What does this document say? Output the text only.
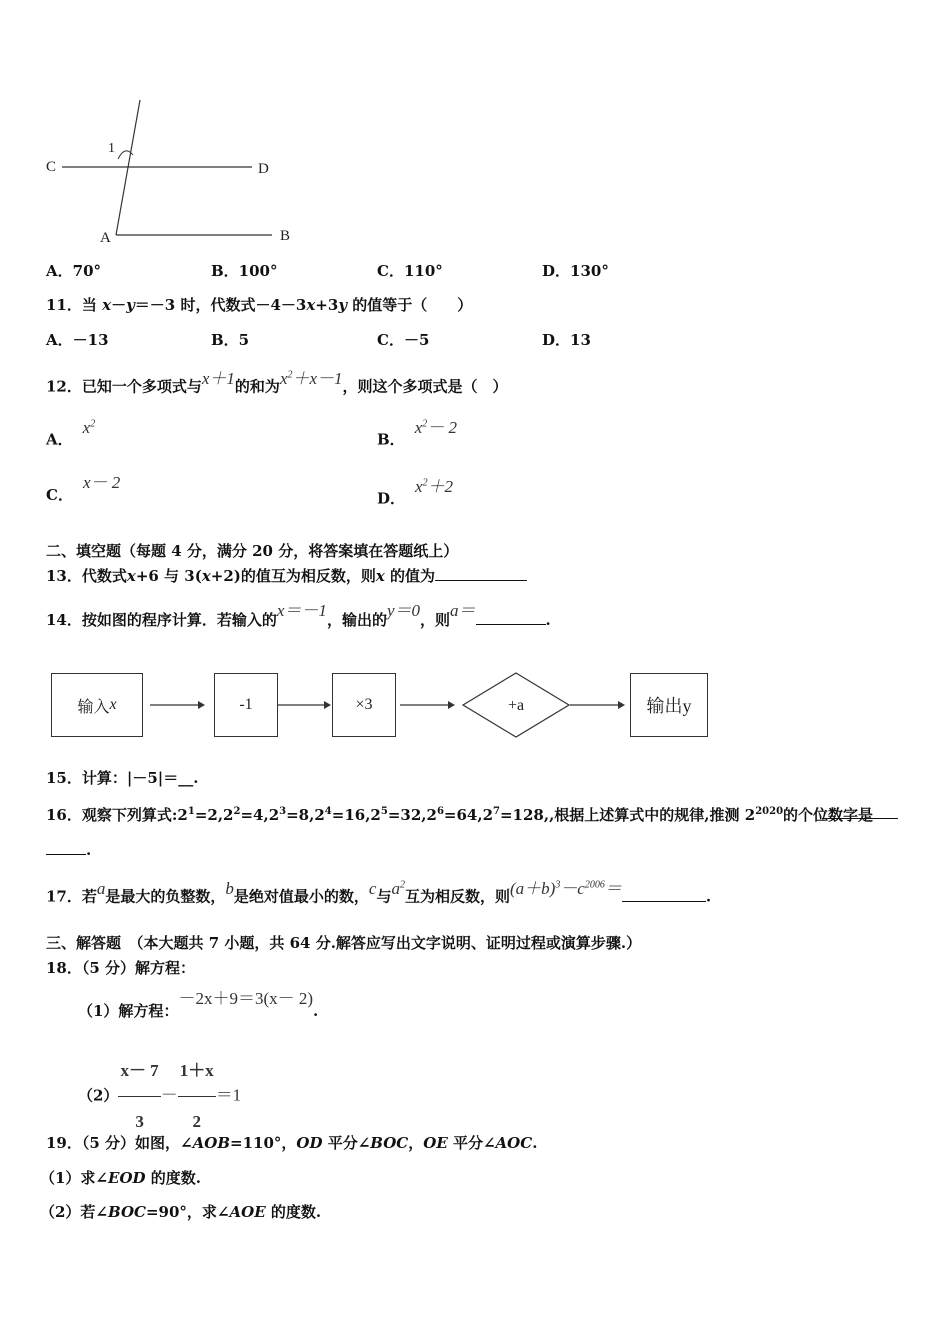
1
C	D
A	B
A．70°	B．100°	C．110°	D．130°
11．当 x－y＝－3 时，代数式－4－3x+3y 的值等于（　　）
A．－13	B．5	C．－5	D．13
12．已知一个多项式与x＋1的和为$x^2+x-1$，则这个多项式是（　）
A．$x^2$
B．$x^2- 2$
C．x－ 2
D．$x^2+2$
二、填空题（每题 4 分，满分 20 分，将答案填在答题纸上）
13．代数式x+6 与 3(x+2)的值互为相反数，则x 的值为
14．按如图的程序计算．若输入的x＝－1，输出的y＝0，则a＝	.
输入 x	-1	×3	+a	输出y
15．计算：|－5|＝__.
16．观察下列算式$:2^1=2,2^2=4,2^3=8,2^4=16,2^5=32,2^6=64,2^7=128$,,根据上述算式中的规律,推测 $2^{2020}$的个位数字是
.
17．若a是最大的负整数，b是绝对值最小的数，c与$a^2$互为相反数，则$(a+b)^3-c^{2006}=$	.
三、解答题　（本大题共 7 小题，共 64 分.解答应写出文字说明、证明过程或演算步骤.）
18．（5 分）解方程：
（1）解方程：－2x＋9＝3(x－ 2).
$(2) \frac{x- 7}{3} - \frac{1+x}{2} =1$
19．（5 分）如图，∠AOB=110°，OD 平分∠BOC，OE 平分∠AOC.
（1）求∠EOD 的度数.
（2）若∠BOC=90°，求∠AOE 的度数.
